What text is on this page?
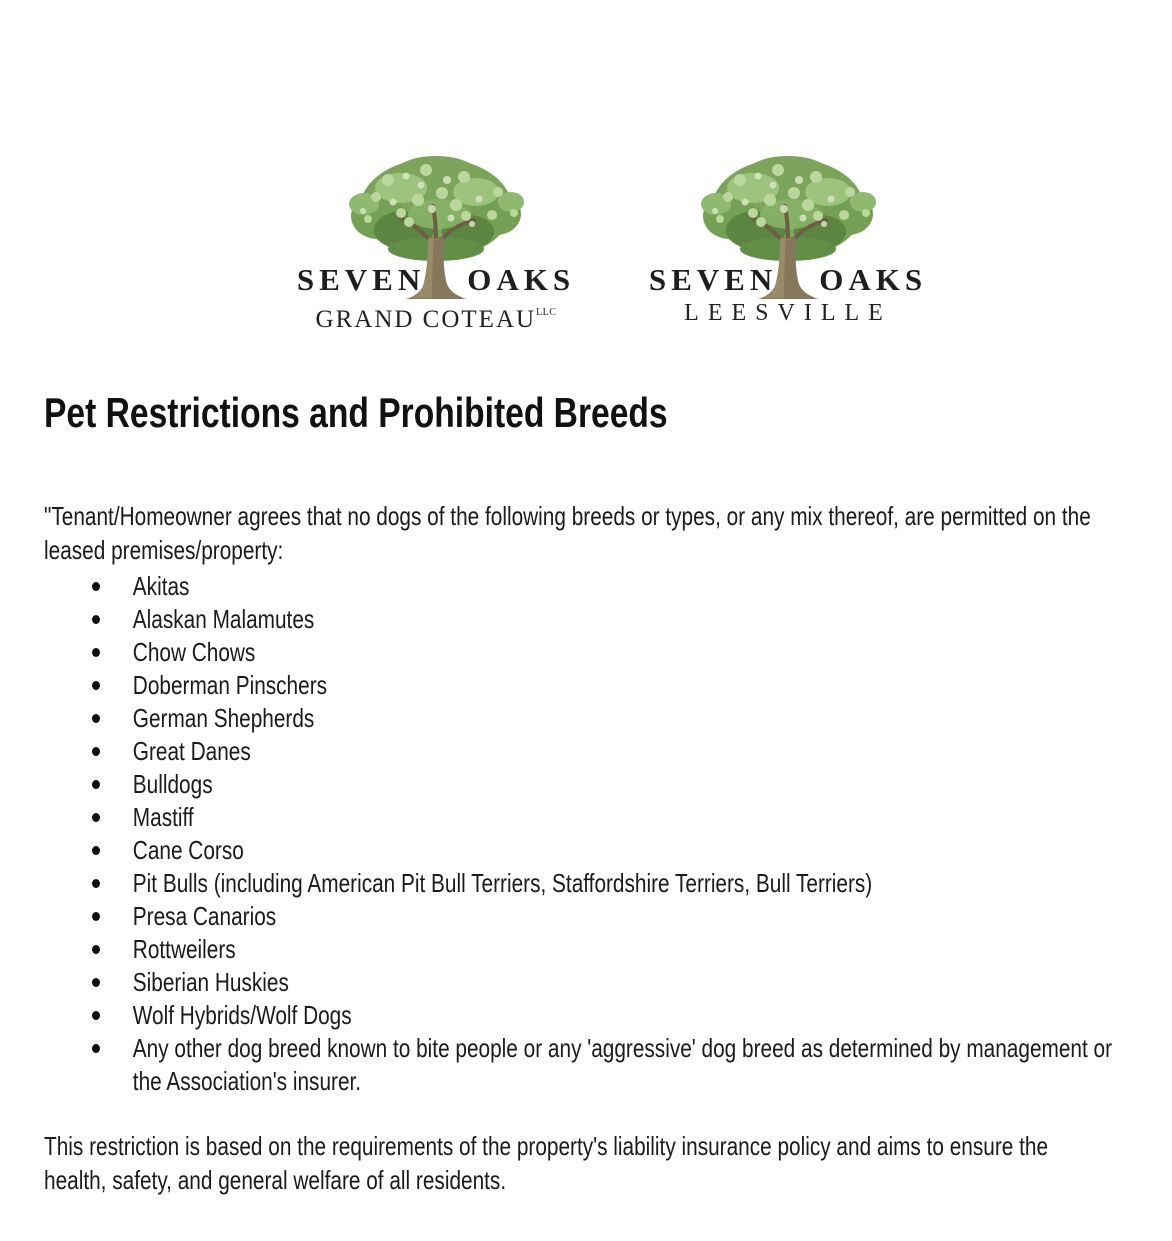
SEVEN OAKS
GRAND $COTEAU^{LLC}$
SEVEN OAKS
LEESVILLE
Pet Restrictions and Prohibited Breeds

"Tenant/Homeowner agrees that no dogs of the following breeds or types, or any mix thereof, are permitted on the leased premises/property:

Akitas
Alaskan Malamutes
Chow Chows
Doberman Pinschers
German Shepherds
Great Danes
Bulldogs
Mastiff
Cane Corso
Pit Bulls (including American Pit Bull Terriers, Staffordshire Terriers, Bull Terriers)
Presa Canarios
Rottweilers
Siberian Huskies
Wolf Hybrids/Wolf Dogs
Any other dog breed known to bite people or any 'aggressive' dog breed as determined by management or the Association's insurer.

This restriction is based on the requirements of the property's liability insurance policy and aims to ensure the health, safety, and general welfare of all residents.
